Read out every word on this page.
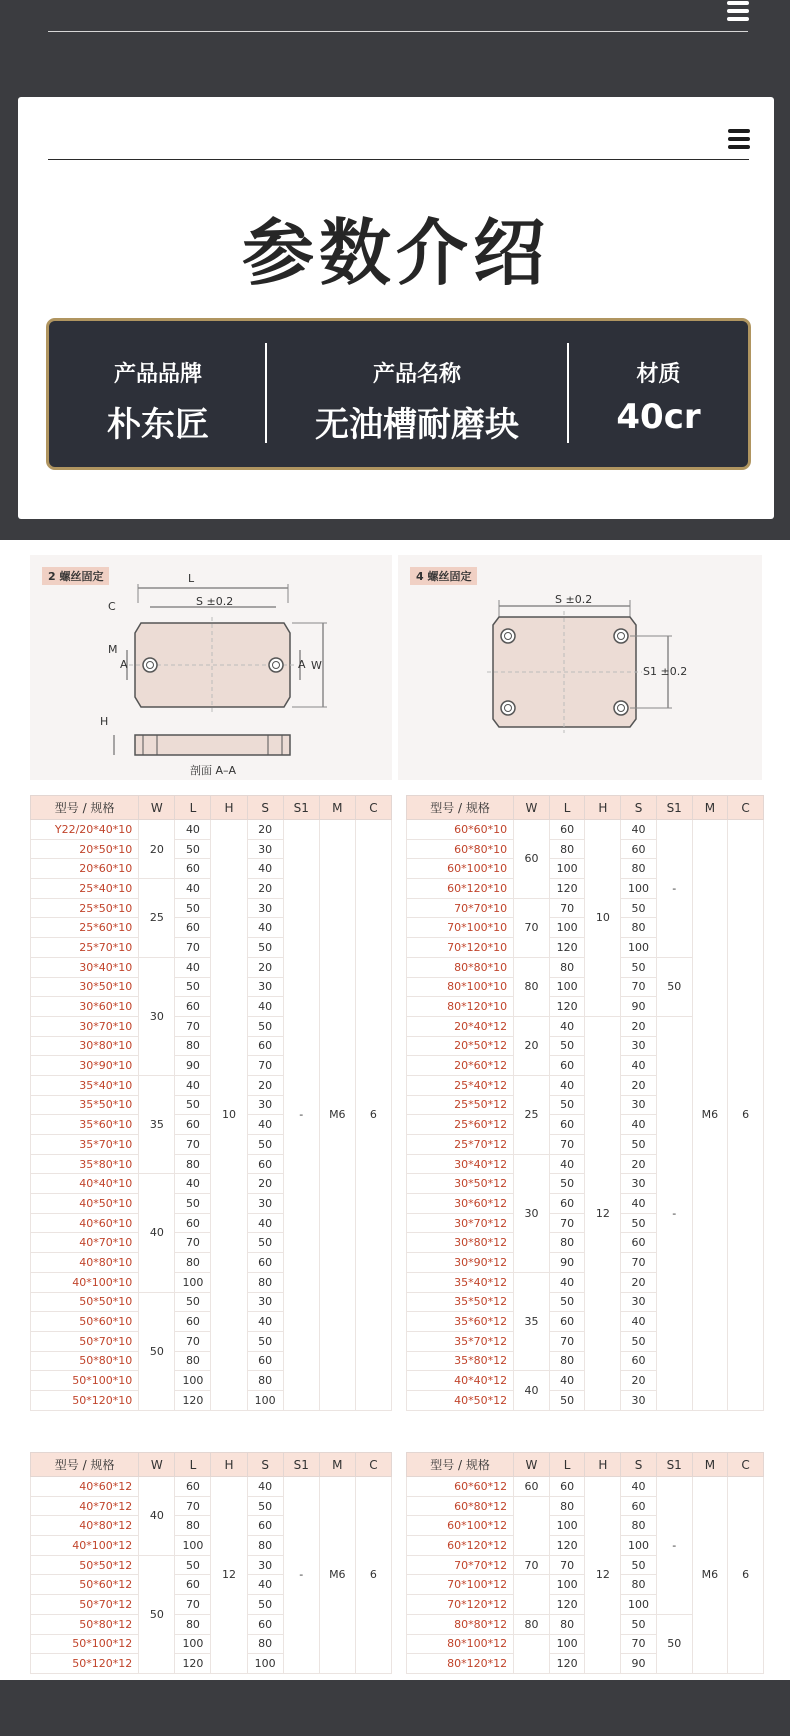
参数介绍
产品品牌
朴东匠
产品名称
无油槽耐磨块
材质
40cr
2 螺丝固定	L
S ±0.2
C
M
A	A W
H
剖面 A–A
4 螺丝固定
S ±0.2
S1 ±0.2
型号 / 规格	W	L	H	S	S1	M	C
Y22/20*40*10	20	40	10	20	-	M6	6
20*50*10		50		30			
20*60*10		60		40			
25*40*10	25	40		20			
25*50*10		50		30			
25*60*10		60		40			
25*70*10		70		50			
30*40*10	30	40		20			
30*50*10		50		30			
30*60*10		60		40			
30*70*10		70		50			
30*80*10		80		60			
30*90*10		90		70			
35*40*10	35	40		20			
35*50*10		50		30			
35*60*10		60		40			
35*70*10		70		50			
35*80*10		80		60			
40*40*10	40	40		20			
40*50*10		50		30			
40*60*10		60		40			
40*70*10		70		50			
40*80*10		80		60			
40*100*10		100		80			
50*50*10	50	50		30			
50*60*10		60		40			
50*70*10		70		50			
50*80*10		80		60			
50*100*10		100		80			
50*120*10		120		100			
型号 / 规格	W	L	H	S	S1	M	C
60*60*10	60	60	10	40	-	M6	6
60*80*10		80		60			
60*100*10		100		80			
60*120*10		120		100			
70*70*10	70	70		50			
70*100*10		100		80			
70*120*10		120		100			
80*80*10	80	80		50	50		
80*100*10		100		70			
80*120*10		120		90			
20*40*12	20	40	12	20	-		
20*50*12		50		30			
20*60*12		60		40			
25*40*12	25	40		20			
25*50*12		50		30			
25*60*12		60		40			
25*70*12		70		50			
30*40*12	30	40		20			
30*50*12		50		30			
30*60*12		60		40			
30*70*12		70		50			
30*80*12		80		60			
30*90*12		90		70			
35*40*12	35	40		20			
35*50*12		50		30			
35*60*12		60		40			
35*70*12		70		50			
35*80*12		80		60			
40*40*12	40	40		20			
40*50*12		50		30			
型号 / 规格	W	L	H	S	S1	M	C
40*60*12	40	60	12	40	-	M6	6
40*70*12		70		50			
40*80*12		80		60			
40*100*12		100		80			
50*50*12	50	50		30			
50*60*12		60		40			
50*70*12		70		50			
50*80*12		80		60			
50*100*12		100		80			
50*120*12		120		100			
型号 / 规格	W	L	H	S	S1	M	C
60*60*12	60	60	12	40	-	M6	6
60*80*12		80		60			
60*100*12		100		80			
60*120*12		120		100			
70*70*12	70	70		50			
70*100*12		100		80			
70*120*12		120		100			
80*80*12	80	80		50	50		
80*100*12		100		70			
80*120*12		120		90			
